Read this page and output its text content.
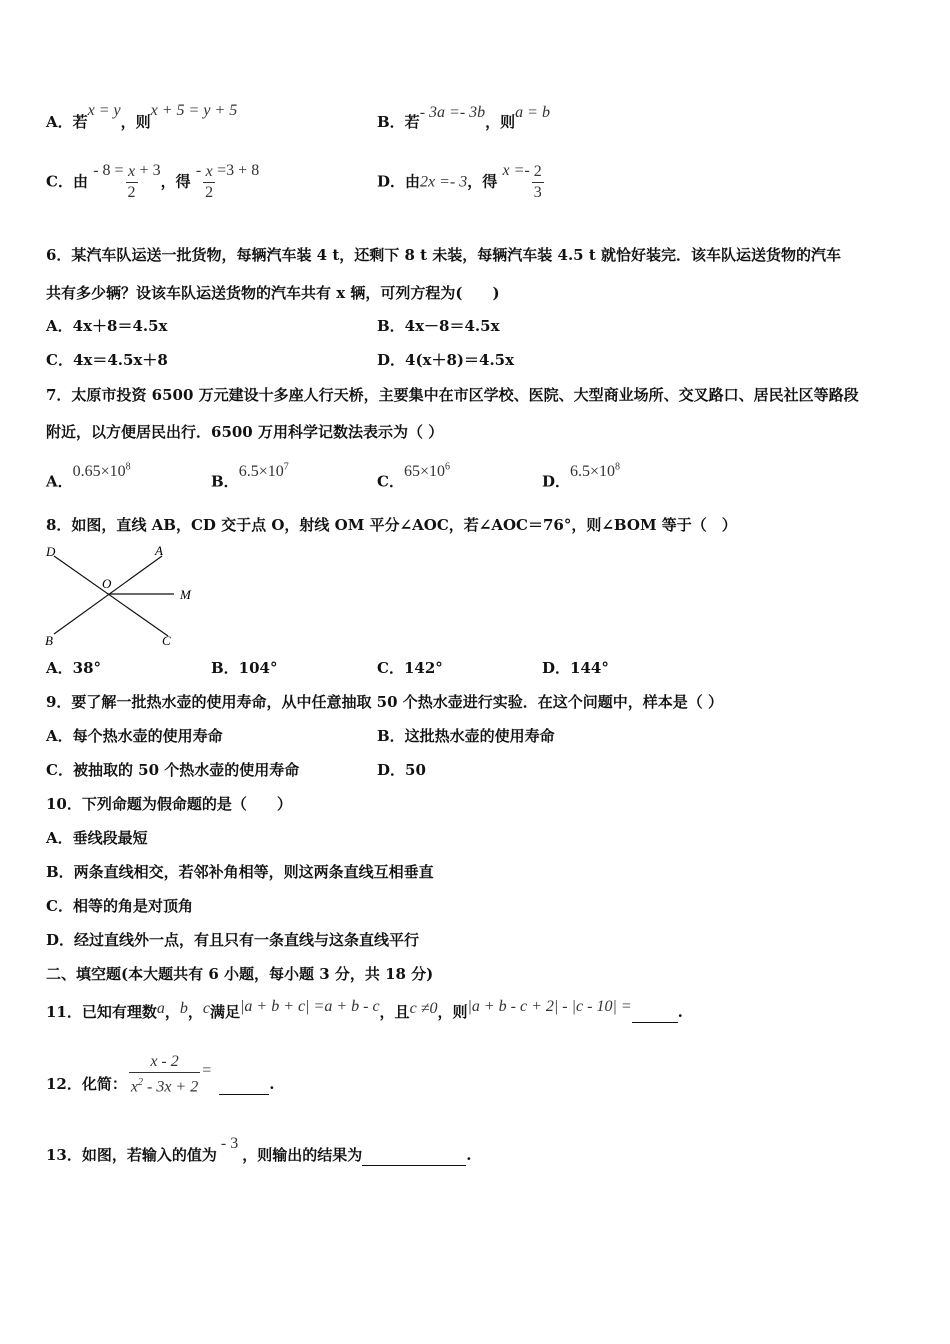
A．若x = y，则x + 5 = y + 5
B．若- 3a =- 3b，则a = b
C．由 - $8 = \frac{x}{2} + 3$，得 - $\frac{x}{2} =3 + 8$
D．由2x =- 3，得 $x =- \frac{2}{3}$
6．某汽车队运送一批货物，每辆汽车装 4 t，还剩下 8 t 未装，每辆汽车装 4.5 t 就恰好装完．该车队运送货物的汽车
共有多少辆？设该车队运送货物的汽车共有 x 辆，可列方程为(　　)
A．4x＋8＝4.5x	B．4x－8＝4.5x
C．4x＝4.5x＋8	D．4(x＋8)＝4.5x
7．太原市投资 6500 万元建设十多座人行天桥，主要集中在市区学校、医院、大型商业场所、交叉路口、居民社区等路段
附近，以方便居民出行．6500 万用科学记数法表示为（ ）
A．$0.65\times 10^8$
B．$6.5\times 10^7$
C．$65\times 10^6$
D．$6.5\times 10^8$
8．如图，直线 AB，CD 交于点 O，射线 OM 平分∠AOC，若∠AOC＝76°，则∠BOM 等于（　）
D	A
O
M
B	C
A．38°	B．104°	C．142°	D．144°
9．要了解一批热水壶的使用寿命，从中任意抽取 50 个热水壶进行实验．在这个问题中，样本是（ ）
A．每个热水壶的使用寿命	B．这批热水壶的使用寿命
C．被抽取的 50 个热水壶的使用寿命	D．50
10．下列命题为假命题的是（　　）
A．垂线段最短
B．两条直线相交，若邻补角相等，则这两条直线互相垂直
C．相等的角是对顶角
D．经过直线外一点，有且只有一条直线与这条直线平行
二、填空题(本大题共有 6 小题，每小题 3 分，共 18 分)
11．已知有理数a，b，c满足|a + b + c| =a + b - c，且c ≠0，则|a + b - c + 2| - |c - 10| =	.
12．化简： $\frac{x - 2}{x^2 - 3x + 2}$ = .
13．如图，若输入的值为- 3，则输出的结果为	.
